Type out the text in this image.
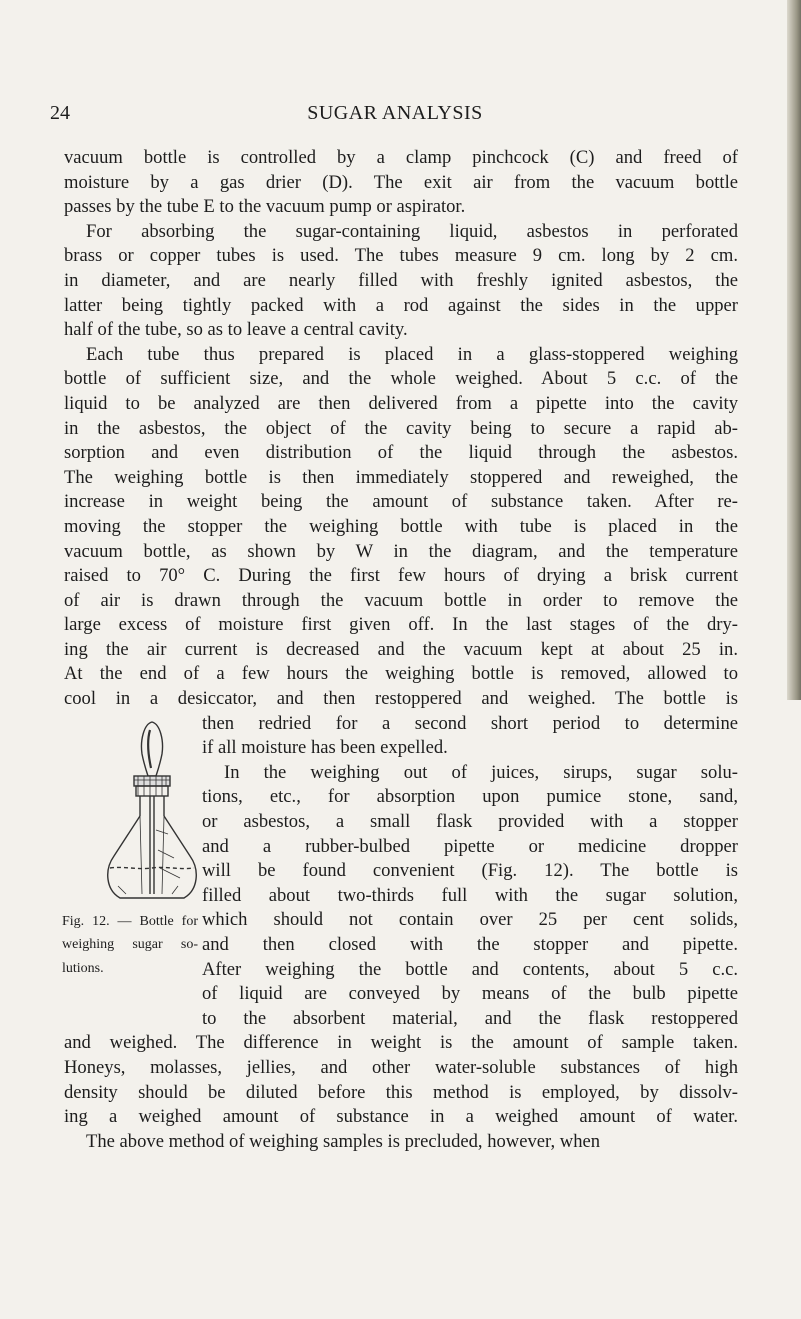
24	SUGAR ANALYSIS
vacuum bottle is controlled by a clamp pinchcock (C) and freed of
moisture by a gas drier (D). The exit air from the vacuum bottle
passes by the tube E to the vacuum pump or aspirator.
For absorbing the sugar-containing liquid, asbestos in perforated
brass or copper tubes is used. The tubes measure 9 cm. long by 2 cm.
in diameter, and are nearly filled with freshly ignited asbestos, the
latter being tightly packed with a rod against the sides in the upper
half of the tube, so as to leave a central cavity.
Each tube thus prepared is placed in a glass-stoppered weighing
bottle of sufficient size, and the whole weighed. About 5 c.c. of the
liquid to be analyzed are then delivered from a pipette into the cavity
in the asbestos, the object of the cavity being to secure a rapid ab-
sorption and even distribution of the liquid through the asbestos.
The weighing bottle is then immediately stoppered and reweighed, the
increase in weight being the amount of substance taken. After re-
moving the stopper the weighing bottle with tube is placed in the
vacuum bottle, as shown by W in the diagram, and the temperature
raised to 70° C. During the first few hours of drying a brisk current
of air is drawn through the vacuum bottle in order to remove the
large excess of moisture first given off. In the last stages of the dry-
ing the air current is decreased and the vacuum kept at about 25 in.
At the end of a few hours the weighing bottle is removed, allowed to
cool in a desiccator, and then restoppered and weighed. The bottle is
Fig. 12. — Bottle for
weighing sugar so-
lutions.
then redried for a second short period to determine
if all moisture has been expelled.
In the weighing out of juices, sirups, sugar solu-
tions, etc., for absorption upon pumice stone, sand,
or asbestos, a small flask provided with a stopper
and a rubber-bulbed pipette or medicine dropper
will be found convenient (Fig. 12). The bottle is
filled about two-thirds full with the sugar solution,
which should not contain over 25 per cent solids,
and then closed with the stopper and pipette.
After weighing the bottle and contents, about 5 c.c.
of liquid are conveyed by means of the bulb pipette
to the absorbent material, and the flask restoppered
and weighed. The difference in weight is the amount of sample taken.
Honeys, molasses, jellies, and other water-soluble substances of high
density should be diluted before this method is employed, by dissolv-
ing a weighed amount of substance in a weighed amount of water.
The above method of weighing samples is precluded, however, when
